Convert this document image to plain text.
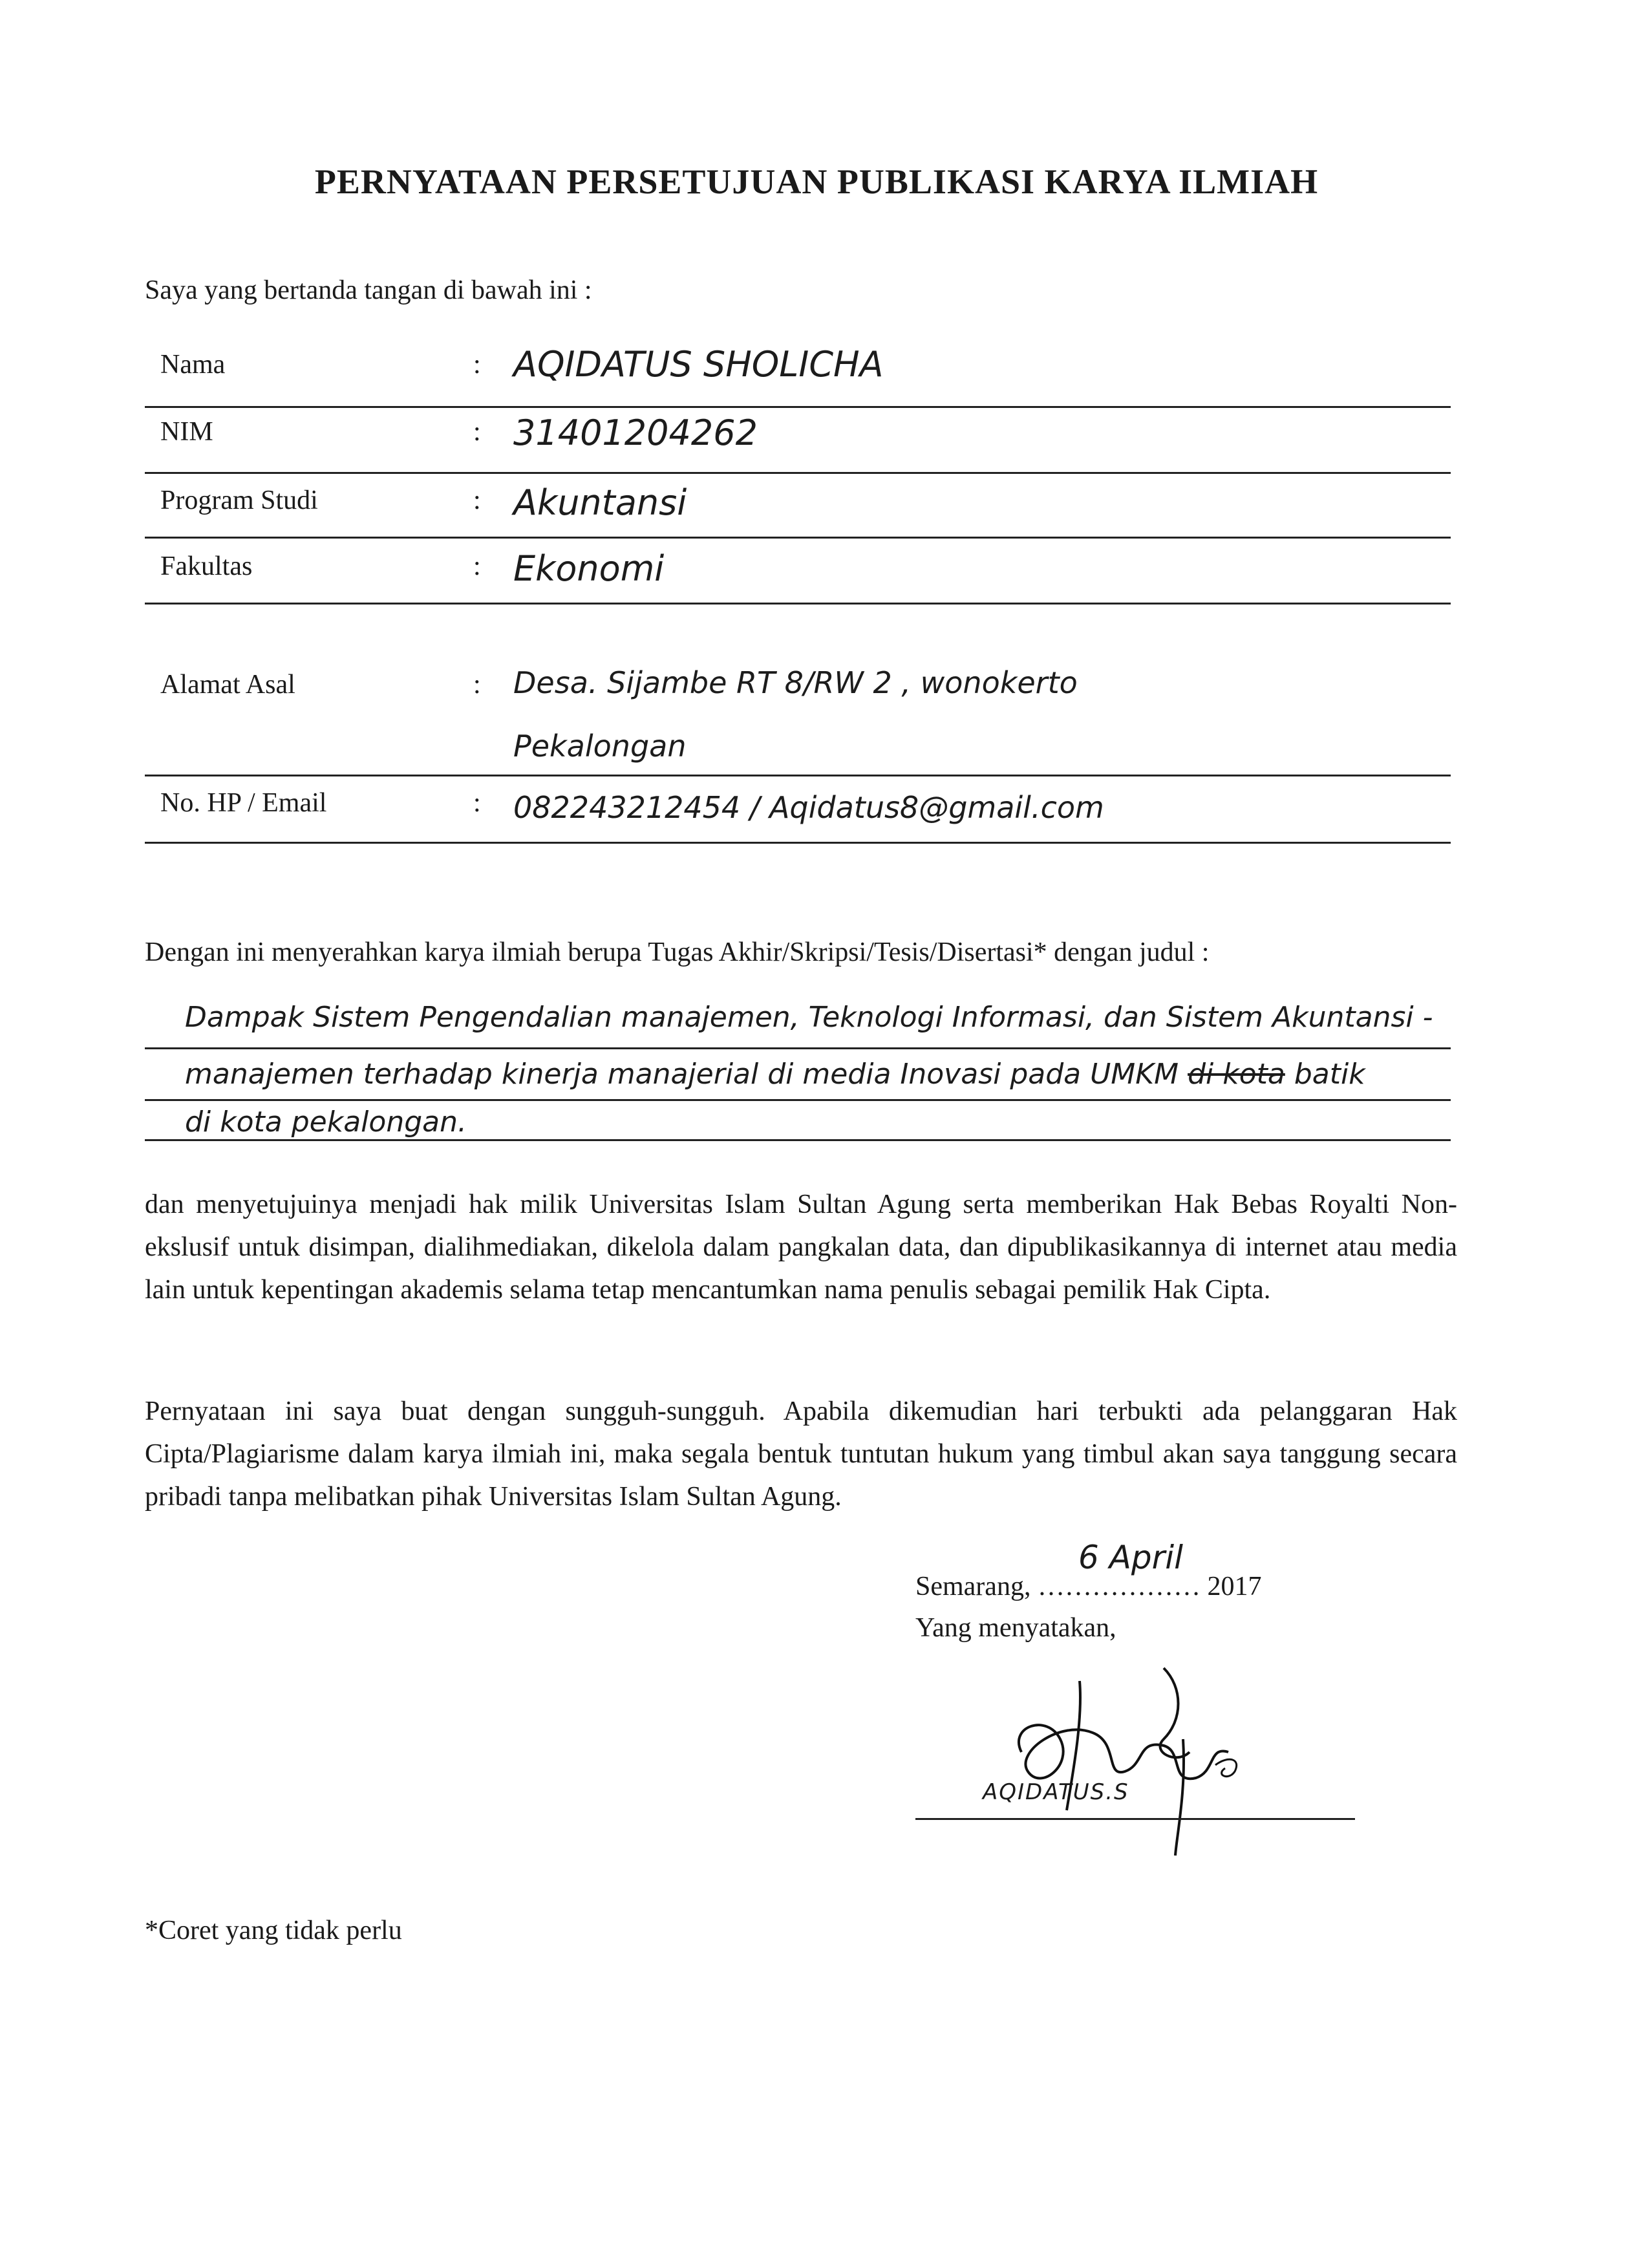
PERNYATAAN PERSETUJUAN PUBLIKASI KARYA ILMIAH
Saya yang bertanda tangan di bawah ini :
Nama	: AQIDATUS SHOLICHA
NIM	: 31401204262
Program Studi	: Akuntansi
Fakultas	: Ekonomi
Alamat Asal	: Desa. Sijambe RT 8/RW 2 , wonokerto
Pekalongan
No. HP / Email	: 082243212454 / Aqidatus8@gmail.com
Dengan ini menyerahkan karya ilmiah berupa Tugas Akhir/Skripsi/Tesis/Disertasi* dengan judul :
Dampak Sistem Pengendalian manajemen, Teknologi Informasi, dan Sistem Akuntansi -
manajemen terhadap kinerja manajerial di media Inovasi pada UMKM di kota batik
di kota pekalongan.
dan menyetujuinya menjadi hak milik Universitas Islam Sultan Agung serta memberikan Hak Bebas Royalti Non-ekslusif untuk disimpan, dialihmediakan, dikelola dalam pangkalan data, dan dipublikasikannya di internet atau media lain untuk kepentingan akademis selama tetap mencantumkan nama penulis sebagai pemilik Hak Cipta.
Pernyataan ini saya buat dengan sungguh-sungguh. Apabila dikemudian hari terbukti ada pelanggaran Hak Cipta/Plagiarisme dalam karya ilmiah ini, maka segala bentuk tuntutan hukum yang timbul akan saya tanggung secara pribadi tanpa melibatkan pihak Universitas Islam Sultan Agung.
6 April
Semarang, ……………… 2017
Yang menyatakan,
AQIDATUS.S
*Coret yang tidak perlu
